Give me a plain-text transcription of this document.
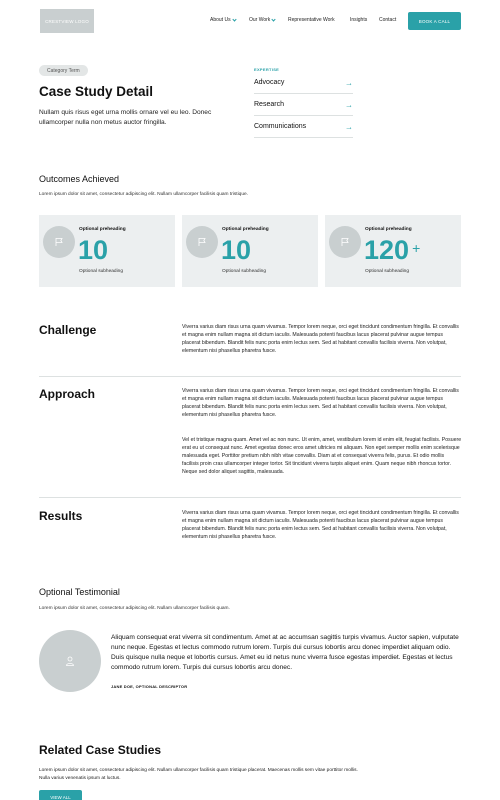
CRESTVIEW LOGO	About Us	Our Work	Representative Work	Insights Contact	BOOK A CALL
Category Term
Case Study Detail
Nullam quis risus eget urna mollis ornare vel eu leo. Donec ullamcorper nulla non metus auctor fringilla.
EXPERTISE
Advocacy	→
Research	→
Communications	→
Outcomes Achieved
Lorem ipsum dolor sit amet, consectetur adipiscing elit. Nullam ullamcorper facilisis quam tristique.
Optional preheading
10
Optional subheading
Optional preheading
10
Optional subheading
Optional preheading
120 +
Optional subheading
Challenge	Viverra varius diam risus urna quam vivamus. Tempor lorem neque, orci eget tincidunt condimentum fringilla. Et convallis et magna enim nullam magna sit dictum iaculis. Malesuada potenti faucibus lacus placerat pulvinar augue tempus placerat bibendum. Blandit felis nunc porta enim lectus sem. Sed at habitant convallis facilisis viverra. Non volutpat, elementum nisi phasellus pharetra fusce.
Approach	Viverra varius diam risus urna quam vivamus. Tempor lorem neque, orci eget tincidunt condimentum fringilla. Et convallis et magna enim nullam magna sit dictum iaculis. Malesuada potenti faucibus lacus placerat pulvinar augue tempus placerat bibendum. Blandit felis nunc porta enim lectus sem. Sed at habitant convallis facilisis viverra. Non volutpat, elementum nisi phasellus pharetra fusce.
Vel et tristique magna quam. Amet vel ac non nunc. Ut enim, amet, vestibulum lorem id enim elit, feugiat facilisis. Posuere erat eu ut consequat nunc. Amet egestas donec eros amet ultricies mi aliquam. Non eget semper mollis enim scelerisque malesuada eget. Porttitor pretium nibh nibh vitae convallis. Diam at et consequat viverra felis, purus. Et odio mollis facilisis proin cras ullamcorper integer tortor. Sit tincidunt viverra turpis aliquet enim. Quam neque nibh rhoncus tortor. Neque sed dolor aliquet sagittis, malesuada.
Results	Viverra varius diam risus urna quam vivamus. Tempor lorem neque, orci eget tincidunt condimentum fringilla. Et convallis et magna enim nullam magna sit dictum iaculis. Malesuada potenti faucibus lacus placerat pulvinar augue tempus placerat bibendum. Blandit felis nunc porta enim lectus sem. Sed at habitant convallis facilisis viverra. Non volutpat, elementum nisi phasellus pharetra fusce.
Optional Testimonial
Lorem ipsum dolor sit amet, consectetur adipiscing elit. Nullam ullamcorper facilisis quam.
Aliquam consequat erat viverra sit condimentum. Amet at ac accumsan sagittis turpis vivamus. Auctor sapien, vulputate nunc neque. Egestas et lectus commodo rutrum lorem. Turpis dui cursus lobortis arcu donec imperdiet aliquam odio. Duis quisque nulla neque et lobortis cursus. Amet eu id netus nunc viverra fusce egestas imperdiet. Egestas et lectus commodo rutrum lorem. Turpis dui cursus lobortis arcu donec.
JANE DOE, OPTIONAL DESCRIPTOR
Related Case Studies
Lorem ipsum dolor sit amet, consectetur adipiscing elit. Nullam ullamcorper facilisis quam tristique placerat. Maecenas mollis sem vitae porttitor mollis. Nulla varius venenatis ipsum at luctus.
VIEW ALL
